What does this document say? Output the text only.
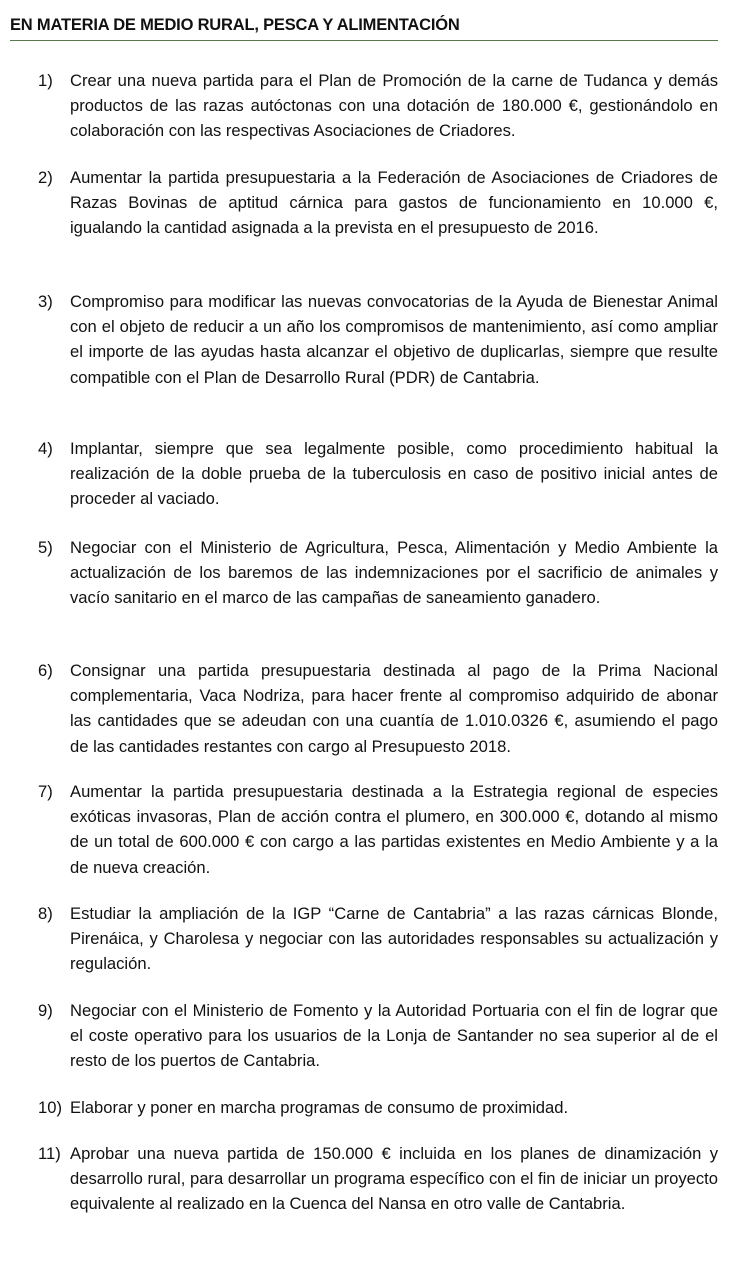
EN MATERIA DE MEDIO RURAL, PESCA Y ALIMENTACIÓN
1)	Crear una nueva partida para el Plan de Promoción de la carne de Tudanca y demás productos de las razas autóctonas con una dotación de 180.000 €, gestionándolo en colaboración con las respectivas Asociaciones de Criadores.
2)	Aumentar la partida presupuestaria a la Federación de Asociaciones de Criadores de Razas Bovinas de aptitud cárnica para gastos de funcionamiento en 10.000 €, igualando la cantidad asignada a la prevista en el presupuesto de 2016.
3)	Compromiso para modificar las nuevas convocatorias de la Ayuda de Bienestar Animal con el objeto de reducir a un año los compromisos de mantenimiento, así como ampliar el importe de las ayudas hasta alcanzar el objetivo de duplicarlas, siempre que resulte compatible con el Plan de Desarrollo Rural (PDR) de Cantabria.
4)	Implantar, siempre que sea legalmente posible, como procedimiento habitual la realización de la doble prueba de la tuberculosis en caso de positivo inicial antes de proceder al vaciado.
5)	Negociar con el Ministerio de Agricultura, Pesca, Alimentación y Medio Ambiente la actualización de los baremos de las indemnizaciones por el sacrificio de animales y vacío sanitario en el marco de las campañas de saneamiento ganadero.
6)	Consignar una partida presupuestaria destinada al pago de la Prima Nacional complementaria, Vaca Nodriza, para hacer frente al compromiso adquirido de abonar las cantidades que se adeudan con una cuantía de 1.010.0326 €, asumiendo el pago de las cantidades restantes con cargo al Presupuesto 2018.
7)	Aumentar la partida presupuestaria destinada a la Estrategia regional de especies exóticas invasoras, Plan de acción contra el plumero, en 300.000 €, dotando al mismo de un total de 600.000 € con cargo a las partidas existentes en Medio Ambiente y a la de nueva creación.
8)	Estudiar la ampliación de la IGP “Carne de Cantabria” a las razas cárnicas Blonde, Pirenáica, y Charolesa y negociar con las autoridades responsables su actualización y regulación.
9)	Negociar con el Ministerio de Fomento y la Autoridad Portuaria con el fin de lograr que el coste operativo para los usuarios de la Lonja de Santander no sea superior al de el resto de los puertos de Cantabria.
10) Elaborar y poner en marcha programas de consumo de proximidad.
11) Aprobar una nueva partida de 150.000 € incluida en los planes de dinamización y desarrollo rural, para desarrollar un programa específico con el fin de iniciar un proyecto equivalente al realizado en la Cuenca del Nansa en otro valle de Cantabria.
